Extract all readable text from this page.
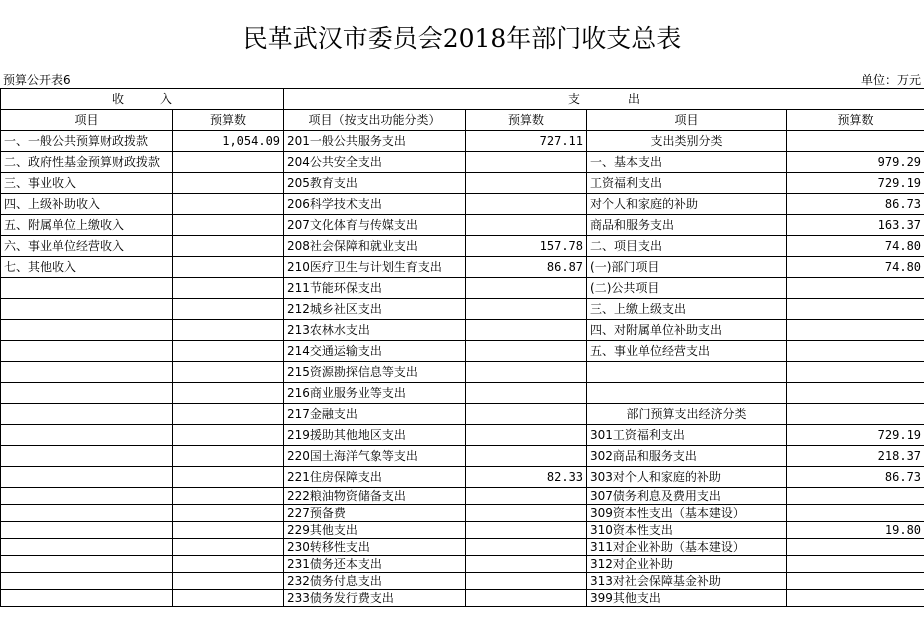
民革武汉市委员会2018年部门收支总表
预算公开表6	单位：万元
收　　　入		支　　　　出			
项目	预算数	项目（按支出功能分类）	预算数	项目	预算数
一、一般公共预算财政拨款	1,054.09	201一般公共服务支出	727.11	支出类别分类	
二、政府性基金预算财政拨款		204公共安全支出		一、基本支出	979.29
三、事业收入		205教育支出		工资福利支出	729.19
四、上级补助收入		206科学技术支出		对个人和家庭的补助	86.73
五、附属单位上缴收入		207文化体育与传媒支出		商品和服务支出	163.37
六、事业单位经营收入		208社会保障和就业支出	157.78	二、项目支出	74.80
七、其他收入		210医疗卫生与计划生育支出	86.87	(一)部门项目	74.80
		211节能环保支出		(二)公共项目	
		212城乡社区支出		三、上缴上级支出	
		213农林水支出		四、对附属单位补助支出	
		214交通运输支出		五、事业单位经营支出	
		215资源勘探信息等支出			
		216商业服务业等支出			
		217金融支出		部门预算支出经济分类	
		219援助其他地区支出		301工资福利支出	729.19
		220国土海洋气象等支出		302商品和服务支出	218.37
		221住房保障支出	82.33	303对个人和家庭的补助	86.73
		222粮油物资储备支出		307债务利息及费用支出	
		227预备费		309资本性支出（基本建设）	
		229其他支出		310资本性支出	19.80
		230转移性支出		311对企业补助（基本建设）	
		231债务还本支出		312对企业补助	
		232债务付息支出		313对社会保障基金补助	
		233债务发行费支出		399其他支出	
